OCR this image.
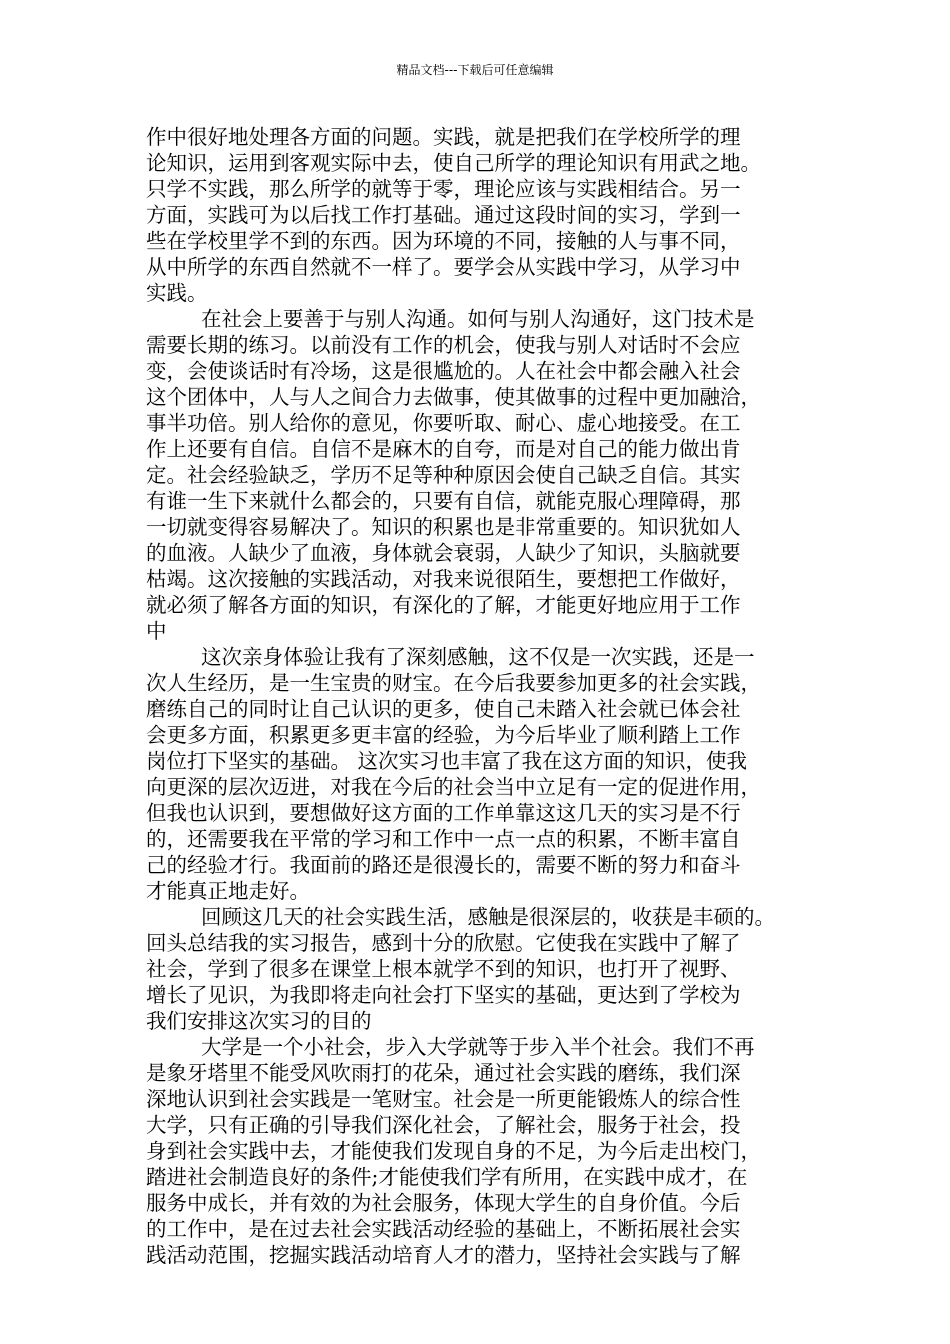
精品文档---下载后可任意编辑
作中很好地处理各方面的问题。实践，就是把我们在学校所学的理
论知识，运用到客观实际中去，使自己所学的理论知识有用武之地。
只学不实践，那么所学的就等于零，理论应该与实践相结合。另一
方面，实践可为以后找工作打基础。通过这段时间的实习，学到一
些在学校里学不到的东西。因为环境的不同，接触的人与事不同，
从中所学的东西自然就不一样了。要学会从实践中学习，从学习中
实践。
在社会上要善于与别人沟通。如何与别人沟通好，这门技术是
需要长期的练习。以前没有工作的机会，使我与别人对话时不会应
变，会使谈话时有冷场，这是很尴尬的。人在社会中都会融入社会
这个团体中，人与人之间合力去做事，使其做事的过程中更加融洽，
事半功倍。别人给你的意见，你要听取、耐心、虚心地接受。在工
作上还要有自信。自信不是麻木的自夸，而是对自己的能力做出肯
定。社会经验缺乏，学历不足等种种原因会使自己缺乏自信。其实
有谁一生下来就什么都会的，只要有自信，就能克服心理障碍，那
一切就变得容易解决了。知识的积累也是非常重要的。知识犹如人
的血液。人缺少了血液，身体就会衰弱，人缺少了知识，头脑就要
枯竭。这次接触的实践活动，对我来说很陌生，要想把工作做好，
就必须了解各方面的知识，有深化的了解，才能更好地应用于工作
中
这次亲身体验让我有了深刻感触，这不仅是一次实践，还是一
次人生经历，是一生宝贵的财宝。在今后我要参加更多的社会实践，
磨练自己的同时让自己认识的更多，使自己未踏入社会就已体会社
会更多方面，积累更多更丰富的经验，为今后毕业了顺利踏上工作
岗位打下坚实的基础。 这次实习也丰富了我在这方面的知识，使我
向更深的层次迈进，对我在今后的社会当中立足有一定的促进作用，
但我也认识到，要想做好这方面的工作单靠这这几天的实习是不行
的，还需要我在平常的学习和工作中一点一点的积累，不断丰富自
己的经验才行。我面前的路还是很漫长的，需要不断的努力和奋斗
才能真正地走好。
回顾这几天的社会实践生活，感触是很深层的，收获是丰硕的。
回头总结我的实习报告，感到十分的欣慰。它使我在实践中了解了
社会，学到了很多在课堂上根本就学不到的知识，也打开了视野、
增长了见识，为我即将走向社会打下坚实的基础，更达到了学校为
我们安排这次实习的目的
大学是一个小社会，步入大学就等于步入半个社会。我们不再
是象牙塔里不能受风吹雨打的花朵，通过社会实践的磨练，我们深
深地认识到社会实践是一笔财宝。社会是一所更能锻炼人的综合性
大学，只有正确的引导我们深化社会，了解社会，服务于社会，投
身到社会实践中去，才能使我们发现自身的不足，为今后走出校门，
踏进社会制造良好的条件;才能使我们学有所用，在实践中成才，在
服务中成长，并有效的为社会服务，体现大学生的自身价值。今后
的工作中，是在过去社会实践活动经验的基础上，不断拓展社会实
践活动范围，挖掘实践活动培育人才的潜力，坚持社会实践与了解
